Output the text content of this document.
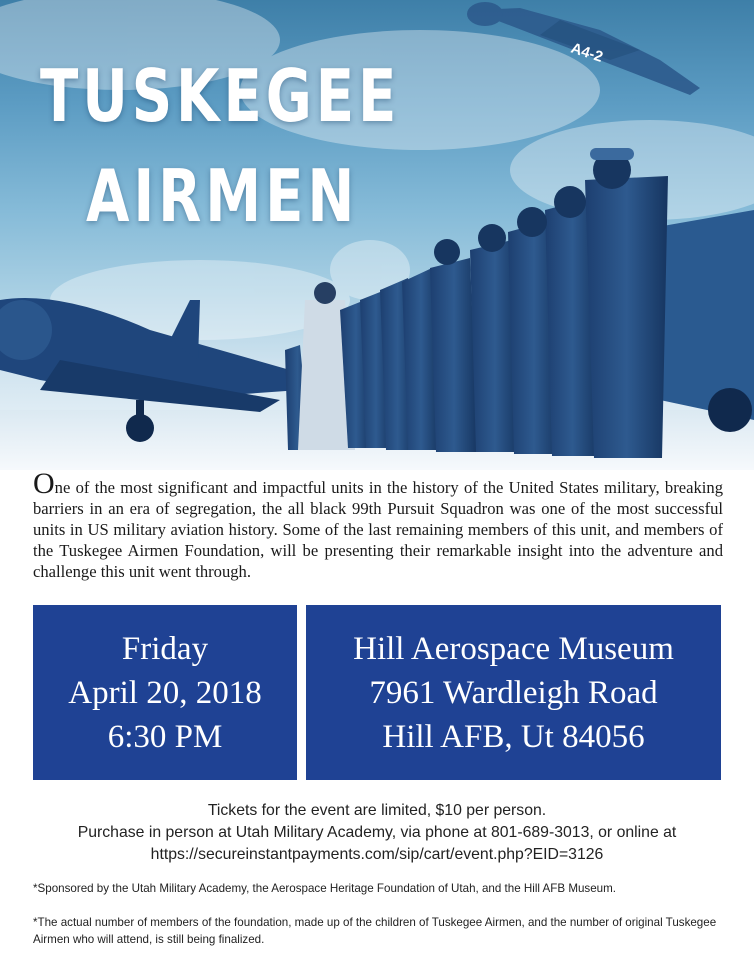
A4-2
TUSKEGEE
AIRMEN

One of the most significant and impactful units in the history of the United States military, breaking barriers in an era of segregation, the all black 99th Pursuit Squadron was one of the most successful units in US military aviation history. Some of the last remaining members of this unit, and members of the Tuskegee Airmen Foundation, will be presenting their remarkable insight into the adventure and challenge this unit went through.

Friday
April 20, 2018
6:30 PM
Hill Aerospace Museum
7961 Wardleigh Road
Hill AFB, Ut 84056
Tickets for the event are limited, $10 per person.
Purchase in person at Utah Military Academy, via phone at 801-689-3013, or online at
https://secureinstantpayments.com/sip/cart/event.php?EID=3126

*Sponsored by the Utah Military Academy, the Aerospace Heritage Foundation of Utah, and the Hill AFB Museum.

*The actual number of members of the foundation, made up of the children of Tuskegee Airmen, and the number of original Tuskegee Airmen who will attend, is still being finalized.
